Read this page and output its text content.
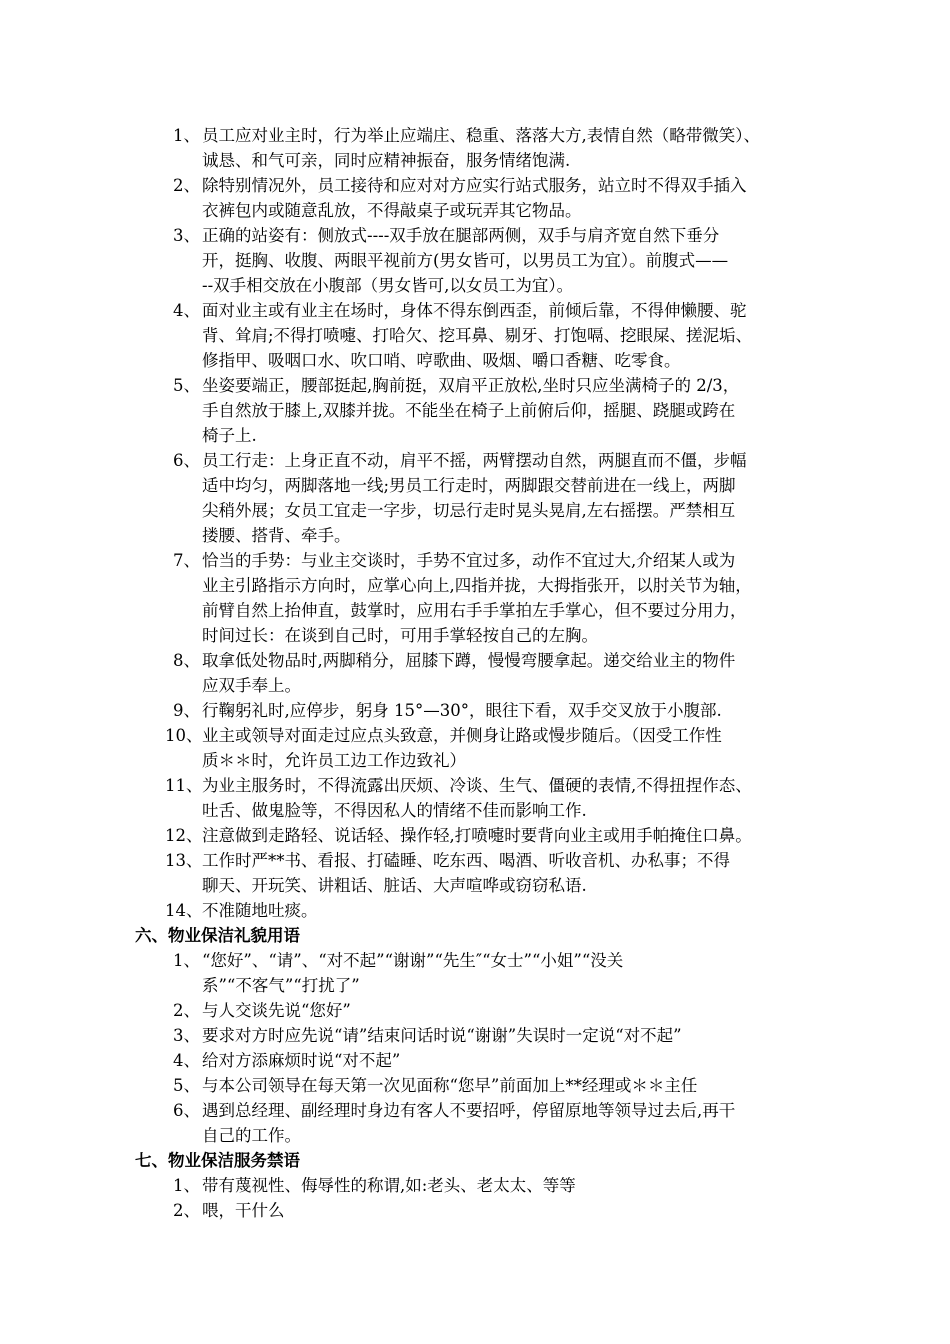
1、 员工应对业主时，行为举止应端庄、稳重、落落大方,表情自然（略带微笑）、
诚恳、和气可亲，同时应精神振奋，服务情绪饱满.
2、 除特别情况外，员工接待和应对对方应实行站式服务，站立时不得双手插入
衣裤包内或随意乱放，不得敲桌子或玩弄其它物品。
3、 正确的站姿有：侧放式----双手放在腿部两侧，双手与肩齐宽自然下垂分
开，挺胸、收腹、两眼平视前方(男女皆可，以男员工为宜）。前腹式——
--双手相交放在小腹部（男女皆可,以女员工为宜）。
4、 面对业主或有业主在场时，身体不得东倒西歪，前倾后靠，不得伸懒腰、驼
背、耸肩;不得打喷嚏、打哈欠、挖耳鼻、剔牙、打饱嗝、挖眼屎、搓泥垢、
修指甲、吸咽口水、吹口哨、哼歌曲、吸烟、嚼口香糖、吃零食。
5、 坐姿要端正，腰部挺起,胸前挺，双肩平正放松,坐时只应坐满椅子的 2/3，
手自然放于膝上,双膝并拢。不能坐在椅子上前俯后仰，摇腿、跷腿或跨在
椅子上.
6、 员工行走：上身正直不动，肩平不摇，两臂摆动自然，两腿直而不僵，步幅
适中均匀，两脚落地一线;男员工行走时，两脚跟交替前进在一线上，两脚
尖稍外展；女员工宜走一字步，切忌行走时晃头晃肩,左右摇摆。严禁相互
搂腰、搭背、牵手。
7、 恰当的手势：与业主交谈时，手势不宜过多，动作不宜过大,介绍某人或为
业主引路指示方向时，应掌心向上,四指并拢，大拇指张开，以肘关节为轴，
前臂自然上抬伸直，鼓掌时，应用右手手掌拍左手掌心，但不要过分用力，
时间过长：在谈到自己时，可用手掌轻按自己的左胸。
8、 取拿低处物品时,两脚稍分，屈膝下蹲，慢慢弯腰拿起。递交给业主的物件
应双手奉上。
9、 行鞠躬礼时,应停步，躬身 15°—30°，眼往下看，双手交叉放于小腹部.
10、 业主或领导对面走过应点头致意，并侧身让路或慢步随后。（因受工作性
质＊＊时，允许员工边工作边致礼）
11、 为业主服务时，不得流露出厌烦、冷谈、生气、僵硬的表情,不得扭捏作态、
吐舌、做鬼脸等，不得因私人的情绪不佳而影响工作.
12、 注意做到走路轻、说话轻、操作轻,打喷嚏时要背向业主或用手帕掩住口鼻。
13、 工作时严**书、看报、打磕睡、吃东西、喝酒、听收音机、办私事；不得
聊天、开玩笑、讲粗话、脏话、大声喧哗或窃窃私语.
14、 不准随地吐痰。
六、物业保洁礼貌用语
1、 “您好”、“请”、“对不起”“谢谢”“先生″“女士”“小姐”“没关
系”“不客气”“打扰了”
2、 与人交谈先说“您好”
3、 要求对方时应先说“请”结束问话时说“谢谢”失误时一定说“对不起”
4、 给对方添麻烦时说“对不起”
5、 与本公司领导在每天第一次见面称“您早”前面加上**经理或＊＊主任
6、 遇到总经理、副经理时身边有客人不要招呼，停留原地等领导过去后,再干
自己的工作。
七、物业保洁服务禁语
1、 带有蔑视性、侮辱性的称谓,如:老头、老太太、等等
2、 喂，干什么
